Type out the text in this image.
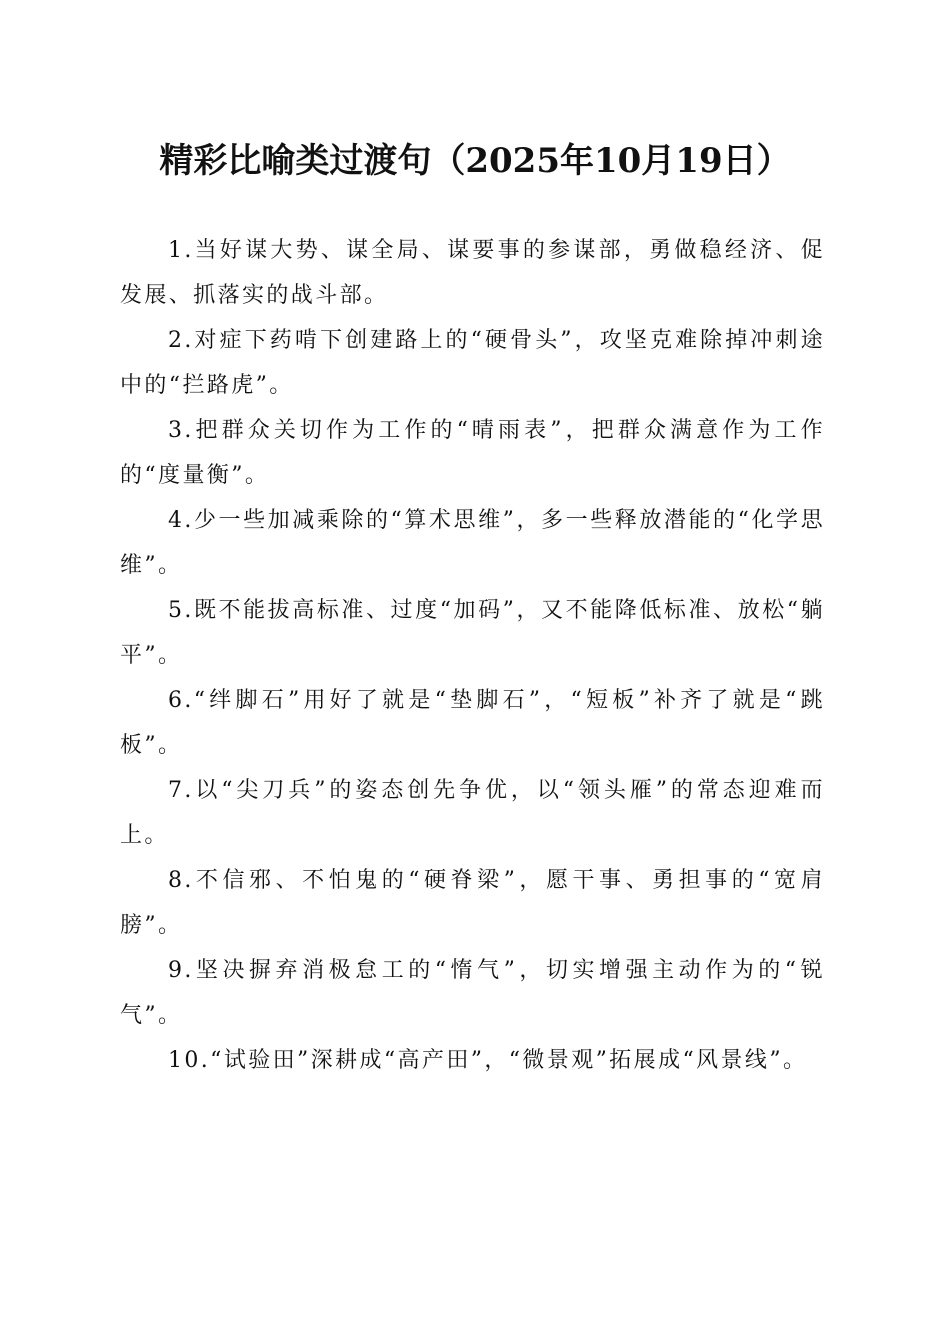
精彩比喻类过渡句（2025年10月19日）

1.当好谋大势、谋全局、谋要事的参谋部，勇做稳经济、促发展、抓落实的战斗部。

2.对症下药啃下创建路上的“硬骨头”，攻坚克难除掉冲刺途中的“拦路虎”。

3.把群众关切作为工作的“晴雨表”，把群众满意作为工作的“度量衡”。

4.少一些加减乘除的“算术思维”，多一些释放潜能的“化学思维”。

5.既不能拔高标准、过度“加码”，又不能降低标准、放松“躺平”。

6.“绊脚石”用好了就是“垫脚石”，“短板”补齐了就是“跳板”。

7.以“尖刀兵”的姿态创先争优，以“领头雁”的常态迎难而上。

8.不信邪、不怕鬼的“硬脊梁”，愿干事、勇担事的“宽肩膀”。

9.坚决摒弃消极怠工的“惰气”，切实增强主动作为的“锐气”。

10.“试验田”深耕成“高产田”，“微景观”拓展成“风景线”。
